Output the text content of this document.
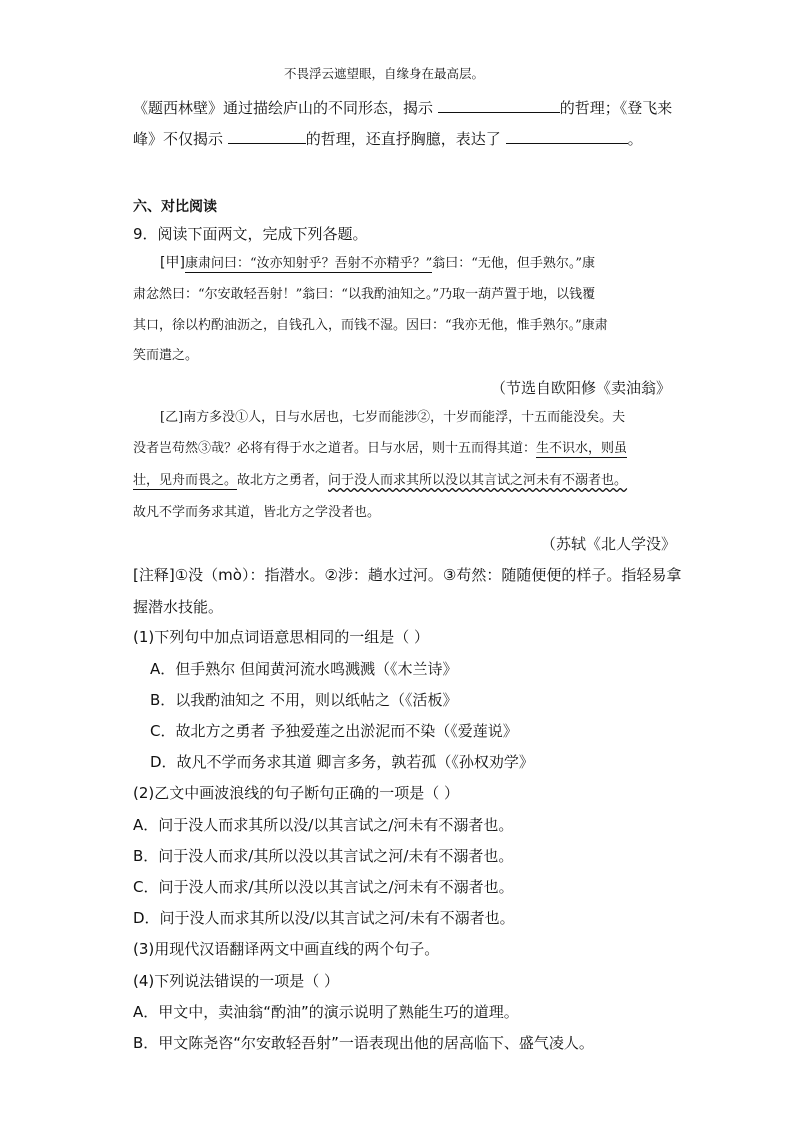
不畏浮云遮望眼，自缘身在最高层。
《题西林壁》通过描绘庐山的不同形态，揭示	的哲理；《登飞来
峰》不仅揭示	的哲理，还直抒胸臆，表达了	。
六、对比阅读
9．阅读下面两文，完成下列各题。
[甲]康肃问曰：“汝亦知射乎？吾射不亦精乎？”翁曰：“无他，但手熟尔。”康
肃忿然曰：“尔安敢轻吾射！”翁曰：“以我酌油知之。”乃取一葫芦置于地，以钱覆
其口，徐以杓酌油沥之，自钱孔入，而钱不湿。因曰：“我亦无他，惟手熟尔。”康肃
笑而遣之。
（节选自欧阳修《卖油翁》
[乙]南方多没①人，日与水居也，七岁而能涉②，十岁而能浮，十五而能没矣。夫
没者岂苟然③哉？必将有得于水之道者。日与水居，则十五而得其道：生不识水，则虽
壮，见舟而畏之。故北方之勇者，问于没人而求其所以没以其言试之河未有不溺者也。
故凡不学而务求其道，皆北方之学没者也。
（苏轼《北人学没》
[注释]①没（mò）：指潜水。②涉：趟水过河。③苟然：随随便便的样子。指轻易拿
握潜水技能。
(1)下列句中加点词语意思相同的一组是（ ）
A．但手熟尔 但闻黄河流水鸣溅溅（《木兰诗》
B．以我酌油知之 不用，则以纸帖之（《活板》
C．故北方之勇者 予独爱莲之出淤泥而不染（《爱莲说》
D．故凡不学而务求其道 卿言多务，孰若孤（《孙权劝学》
(2)乙文中画波浪线的句子断句正确的一项是（ ）
A．问于没人而求其所以没/以其言试之/河未有不溺者也。
B．问于没人而求/其所以没以其言试之河/未有不溺者也。
C．问于没人而求/其所以没以其言试之/河未有不溺者也。
D．问于没人而求其所以没/以其言试之河/未有不溺者也。
(3)用现代汉语翻译两文中画直线的两个句子。
(4)下列说法错误的一项是（ ）
A．甲文中，卖油翁“酌油”的演示说明了熟能生巧的道理。
B．甲文陈尧咨“尔安敢轻吾射”一语表现出他的居高临下、盛气凌人。
